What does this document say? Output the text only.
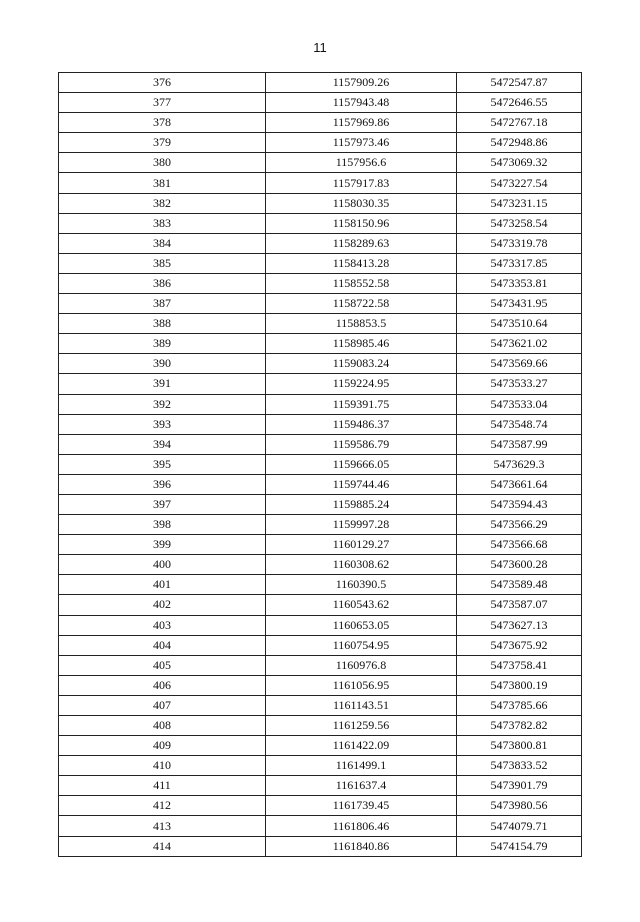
11
376	1157909.26	5472547.87
377	1157943.48	5472646.55
378	1157969.86	5472767.18
379	1157973.46	5472948.86
380	1157956.6	5473069.32
381	1157917.83	5473227.54
382	1158030.35	5473231.15
383	1158150.96	5473258.54
384	1158289.63	5473319.78
385	1158413.28	5473317.85
386	1158552.58	5473353.81
387	1158722.58	5473431.95
388	1158853.5	5473510.64
389	1158985.46	5473621.02
390	1159083.24	5473569.66
391	1159224.95	5473533.27
392	1159391.75	5473533.04
393	1159486.37	5473548.74
394	1159586.79	5473587.99
395	1159666.05	5473629.3
396	1159744.46	5473661.64
397	1159885.24	5473594.43
398	1159997.28	5473566.29
399	1160129.27	5473566.68
400	1160308.62	5473600.28
401	1160390.5	5473589.48
402	1160543.62	5473587.07
403	1160653.05	5473627.13
404	1160754.95	5473675.92
405	1160976.8	5473758.41
406	1161056.95	5473800.19
407	1161143.51	5473785.66
408	1161259.56	5473782.82
409	1161422.09	5473800.81
410	1161499.1	5473833.52
411	1161637.4	5473901.79
412	1161739.45	5473980.56
413	1161806.46	5474079.71
414	1161840.86	5474154.79
